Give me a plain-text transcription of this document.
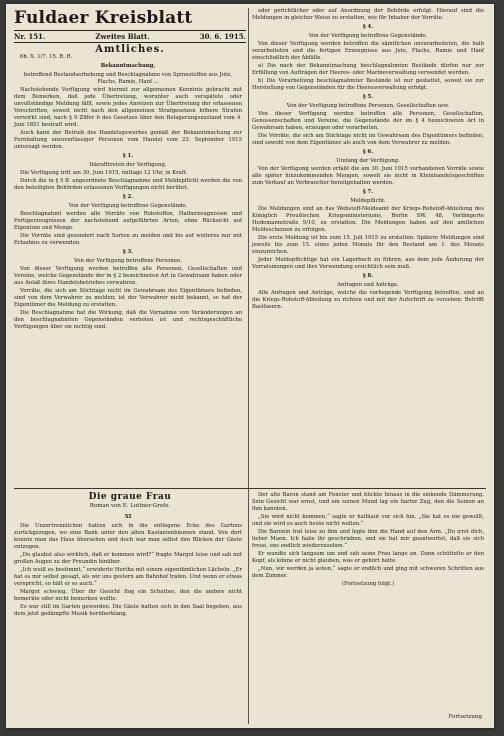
Fuldaer Kreisblatt
Nr. 151.	Zweites Blatt.	30. 6. 1915.
Amtliches.

6b. X. 1/7. 15. R. R.

Bekanntmachung,

betreffend Bestandserhebung und Beschlagnahme von Spinnstoffen aus Jute, Flachs, Ramie, Hanf ...

Nachstehende Verfügung wird hiermit zur allgemeinen Kenntnis gebracht mit dem Bemerken, daß jede Übertretung, worunter auch verspätete oder unvollständige Meldung fällt, sowie jedes Anreizen zur Übertretung der erlassenen Vorschriften, soweit nicht nach den allgemeinen Strafgesetzen höhere Strafen verwirkt sind, nach § 9 Ziffer b des Gesetzes über den Belagerungszustand vom 4. Juni 1851 bestraft wird.

Auch kann der Betrieb des Handelsgewerbes gemäß der Bekanntmachung zur Fernhaltung unzuverlässiger Personen vom Handel vom 23. September 1915 untersagt werden.

§ 1.

Inkrafttreten der Verfügung.

Die Verfügung tritt am 30. Juni 1915, mittags 12 Uhr, in Kraft.

Durch die in § 5 ff. angeordnete Beschlagnahme und Meldepflicht werden die von den beteiligten Behörden erlassenen Verfügungen nicht berührt.

§ 2.

Von der Verfügung betroffene Gegenstände.

Beschlagnahmt werden alle Vorräte von Rohstoffen, Halberzeugnissen und Fertigerzeugnissen der nachstehend aufgeführten Arten, ohne Rücksicht auf Eigentum und Menge.

Die Vorräte sind gesondert nach Sorten zu melden und bis auf weiteres nur mit Erlaubnis zu verwenden.

§ 3.

Von der Verfügung betroffene Personen.

Von dieser Verfügung werden betroffen alle Personen, Gesellschaften und Vereine, welche Gegenstände der in § 2 bezeichneten Art in Gewahrsam haben oder aus Anlaß ihres Handelsbetriebes verwahren.

Vorräte, die sich am Stichtage nicht im Gewahrsam des Eigentümers befinden, sind von dem Verwahrer zu melden; ist der Verwahrer nicht bekannt, so hat der Eigentümer die Meldung zu erstatten.

Die Beschlagnahme hat die Wirkung, daß die Vornahme von Veränderungen an den beschlagnahmten Gegenständen verboten ist und rechtsgeschäftliche Verfügungen über sie nichtig sind.

oder gerichtlicher oder auf Anordnung der Behörde erfolgt. Hierauf sind die Meldungen in gleicher Weise zu erstatten, wie für Inhaber der Vorräte.

§ 4.

Von der Verfügung betroffene Gegenstände.

Von dieser Verfügung werden betroffen die sämtlichen unverarbeiteten, die halb verarbeiteten und die fertigen Erzeugnisse aus Jute, Flachs, Ramie und Hanf einschließlich der Abfälle.

a) Die nach der Bekanntmachung beschlagnahmten Bestände dürfen nur zur Erfüllung von Aufträgen der Heeres- oder Marineverwaltung verwendet werden.

b) Die Verarbeitung beschlagnahmter Bestände ist nur gestattet, soweit sie zur Herstellung von Gegenständen für die Heeresverwaltung erfolgt.

§ 5.

Von der Verfügung betroffene Personen, Gesellschaften usw.

Von dieser Verfügung werden betroffen alle Personen, Gesellschaften, Genossenschaften und Vereine, die Gegenstände der im § 4 bezeichneten Art in Gewahrsam haben, erzeugen oder verarbeiten.

Die Vorräte, die sich am Stichtage nicht im Gewahrsam des Eigentümers befinden, sind sowohl von dem Eigentümer als auch von dem Verwahrer zu melden.

§ 6.

Umfang der Verfügung.

Von der Verfügung werden erfaßt die am 30. Juni 1915 vorhandenen Vorräte sowie alle später hinzukommenden Mengen, soweit sie nicht in Kleinhandelsgeschäften zum Verkauf an Verbraucher bereitgehalten werden.

§ 7.

Meldepflicht.

Die Meldungen sind an das Webstoff-Meldeamt der Kriegs-Rohstoff-Abteilung des Königlich Preußischen Kriegsministeriums, Berlin SW. 48, Verlängerte Hedemannstraße 9/10, zu erstatten. Die Meldungen haben auf den amtlichen Meldescheinen zu erfolgen.

Die erste Meldung ist bis zum 15. Juli 1915 zu erstatten. Spätere Meldungen sind jeweils bis zum 15. eines jeden Monats für den Bestand am 1. des Monats einzureichen.

Jeder Meldepflichtige hat ein Lagerbuch zu führen, aus dem jede Änderung der Vorratsmengen und ihre Verwendung ersichtlich sein muß.

§ 8.

Anfragen und Anträge.

Alle Anfragen und Anträge, welche die vorliegende Verfügung betreffen, sind an die Kriegs-Rohstoff-Abteilung zu richten und mit der Aufschrift zu versehen: Betrifft Bastfasern.

Die graue Frau
Roman von E. Lottner-Grefe.

XI

Die Unzertrennlichen hatten sich in die entlegene Ecke des Gartens zurückgezogen, wo eine Bank unter den alten Kastanienbäumen stand. Von dort konnte man das Haus übersehen und doch war man selbst den Blicken der Gäste entzogen.

„Du glaubst also wirklich, daß er kommen wird?“ fragte Margot leise und sah mit großen Augen zu der Freundin hinüber.

„Ich weiß es bestimmt,“ erwiderte Hertha mit einem eigentümlichen Lächeln. „Er hat es mir selbst gesagt, als wir uns gestern am Bahnhof trafen. Und wenn er etwas verspricht, so hält er es auch.“

Margot schwieg. Über ihr Gesicht flog ein Schatten, den die andere nicht bemerkte oder nicht bemerken wollte.

Es war still im Garten geworden. Die Gäste hatten sich in den Saal begeben, aus dem jetzt gedämpfte Musik herüberklang.

Der alte Baron stand am Fenster und blickte hinaus in die sinkende Dämmerung. Sein Gesicht war ernst, und um seinen Mund lag ein harter Zug, den die Seinen an ihm kannten.

„Sie wird nicht kommen,“ sagte er halblaut vor sich hin. „Sie hat es nie gewollt, und sie wird es auch heute nicht wollen.“

Die Baronin trat leise zu ihm und legte ihm die Hand auf den Arm. „Du irrst dich, lieber Mann. Ich habe ihr geschrieben, und sie hat mir geantwortet, daß sie sich freue, uns endlich wiederzusehen.“

Er wandte sich langsam um und sah seine Frau lange an. Dann schüttelte er den Kopf, als könne er nicht glauben, was er gehört hatte.

„Nun, wir werden ja sehen,“ sagte er endlich und ging mit schweren Schritten aus dem Zimmer.

(Fortsetzung folgt.)

Fortsetzung
